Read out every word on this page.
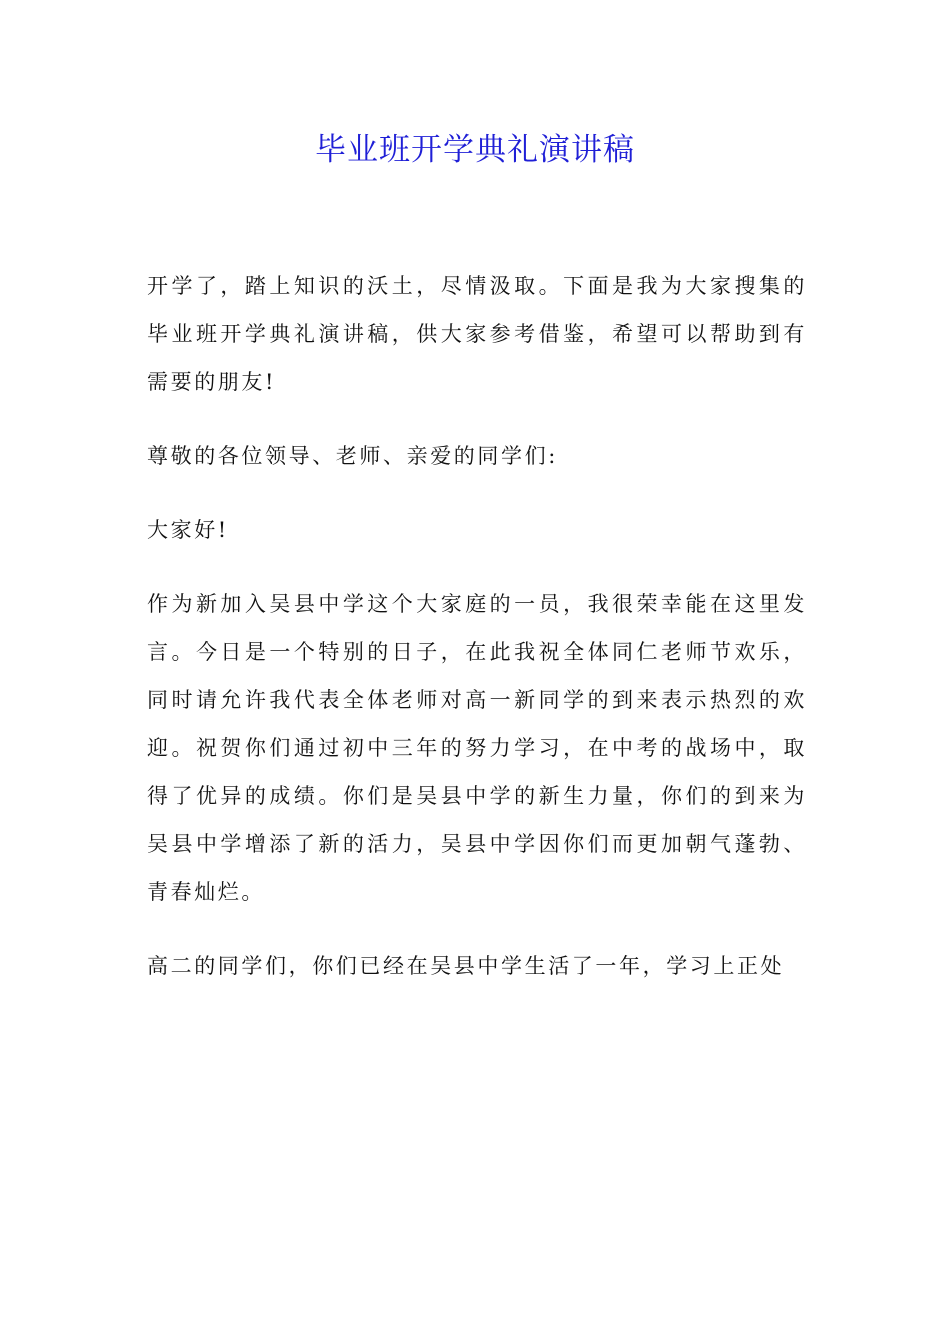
毕业班开学典礼演讲稿

开学了，踏上知识的沃土，尽情汲取。下面是我为大家搜集的毕业班开学典礼演讲稿，供大家参考借鉴，希望可以帮助到有需要的朋友!

尊敬的各位领导、老师、亲爱的同学们:

大家好!

作为新加入吴县中学这个大家庭的一员，我很荣幸能在这里发言。今日是一个特别的日子，在此我祝全体同仁老师节欢乐，同时请允许我代表全体老师对高一新同学的到来表示热烈的欢迎。祝贺你们通过初中三年的努力学习，在中考的战场中，取得了优异的成绩。你们是吴县中学的新生力量，你们的到来为吴县中学增添了新的活力，吴县中学因你们而更加朝气蓬勃、青春灿烂。

高二的同学们，你们已经在吴县中学生活了一年，学习上正处
